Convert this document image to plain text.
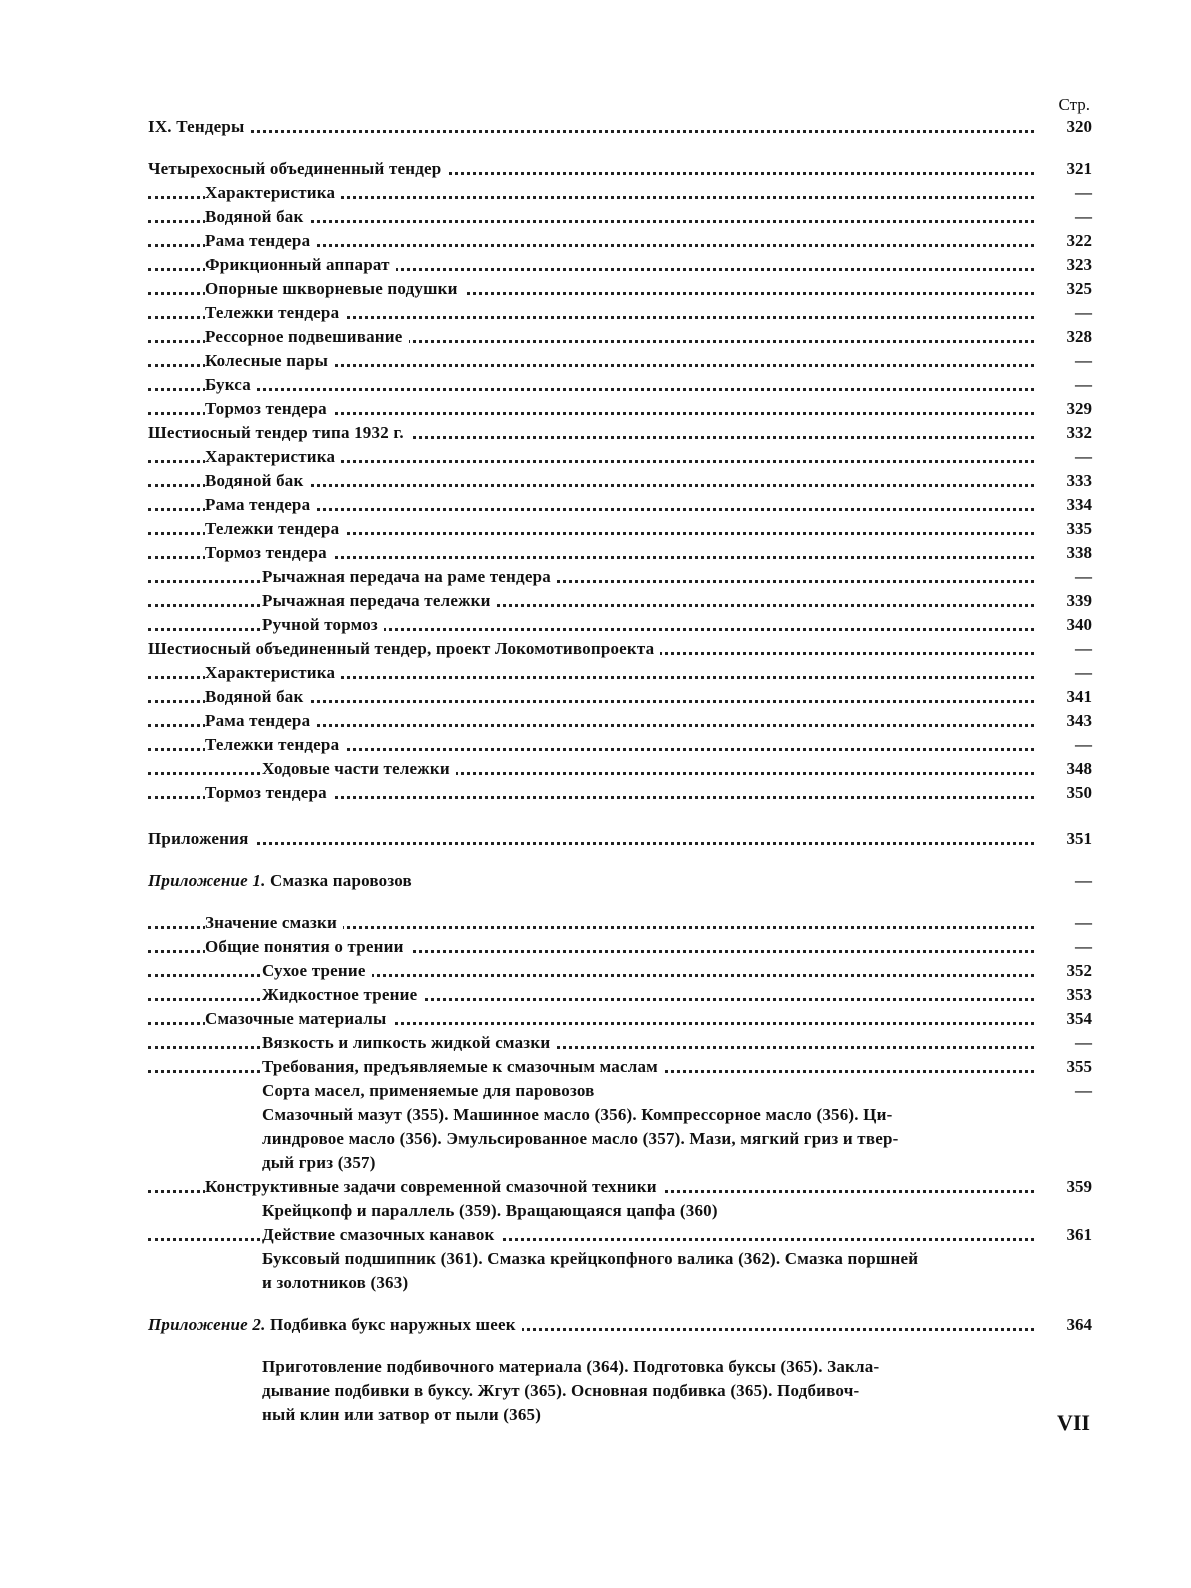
Стр.
IX. Тендеры	320
Четырехосный объединенный тендер	321
Характеристика	—
Водяной бак	—
Рама тендера	322
Фрикционный аппарат	323
Опорные шкворневые подушки	325
Тележки тендера	—
Рессорное подвешивание	328
Колесные пары	—
Букса	—
Тормоз тендера	329
Шестиосный тендер типа 1932 г.	332
Характеристика	—
Водяной бак	333
Рама тендера	334
Тележки тендера	335
Тормоз тендера	338
Рычажная передача на раме тендера	—
Рычажная передача тележки	339
Ручной тормоз	340
Шестиосный объединенный тендер, проект Локомотивопроекта	—
Характеристика	—
Водяной бак	341
Рама тендера	343
Тележки тендера	—
Ходовые части тележки	348
Тормоз тендера	350
Приложения	351
Приложение 1. Смазка паровозов	—
Значение смазки	—
Общие понятия о трении	—
Сухое трение	352
Жидкостное трение	353
Смазочные материалы	354
Вязкость и липкость жидкой смазки	—
Требования, предъявляемые к смазочным маслам	355
Сорта масел, применяемые для паровозов	—
Смазочный мазут (355). Машинное масло (356). Компрессорное масло (356). Ци-
линдровое масло (356). Эмульсированное масло (357). Мази, мягкий гриз и твер-
дый гриз (357)
Конструктивные задачи современной смазочной техники	359
Крейцкопф и параллель (359). Вращающаяся цапфа (360)
Действие смазочных канавок	361
Буксовый подшипник (361). Смазка крейцкопфного валика (362). Смазка поршней
и золотников (363)
Приложение 2. Подбивка букс наружных шеек	364
Приготовление подбивочного материала (364). Подготовка буксы (365). Закла-
дывание подбивки в буксу. Жгут (365). Основная подбивка (365). Подбивоч-
ный клин или затвор от пыли (365)	VII
